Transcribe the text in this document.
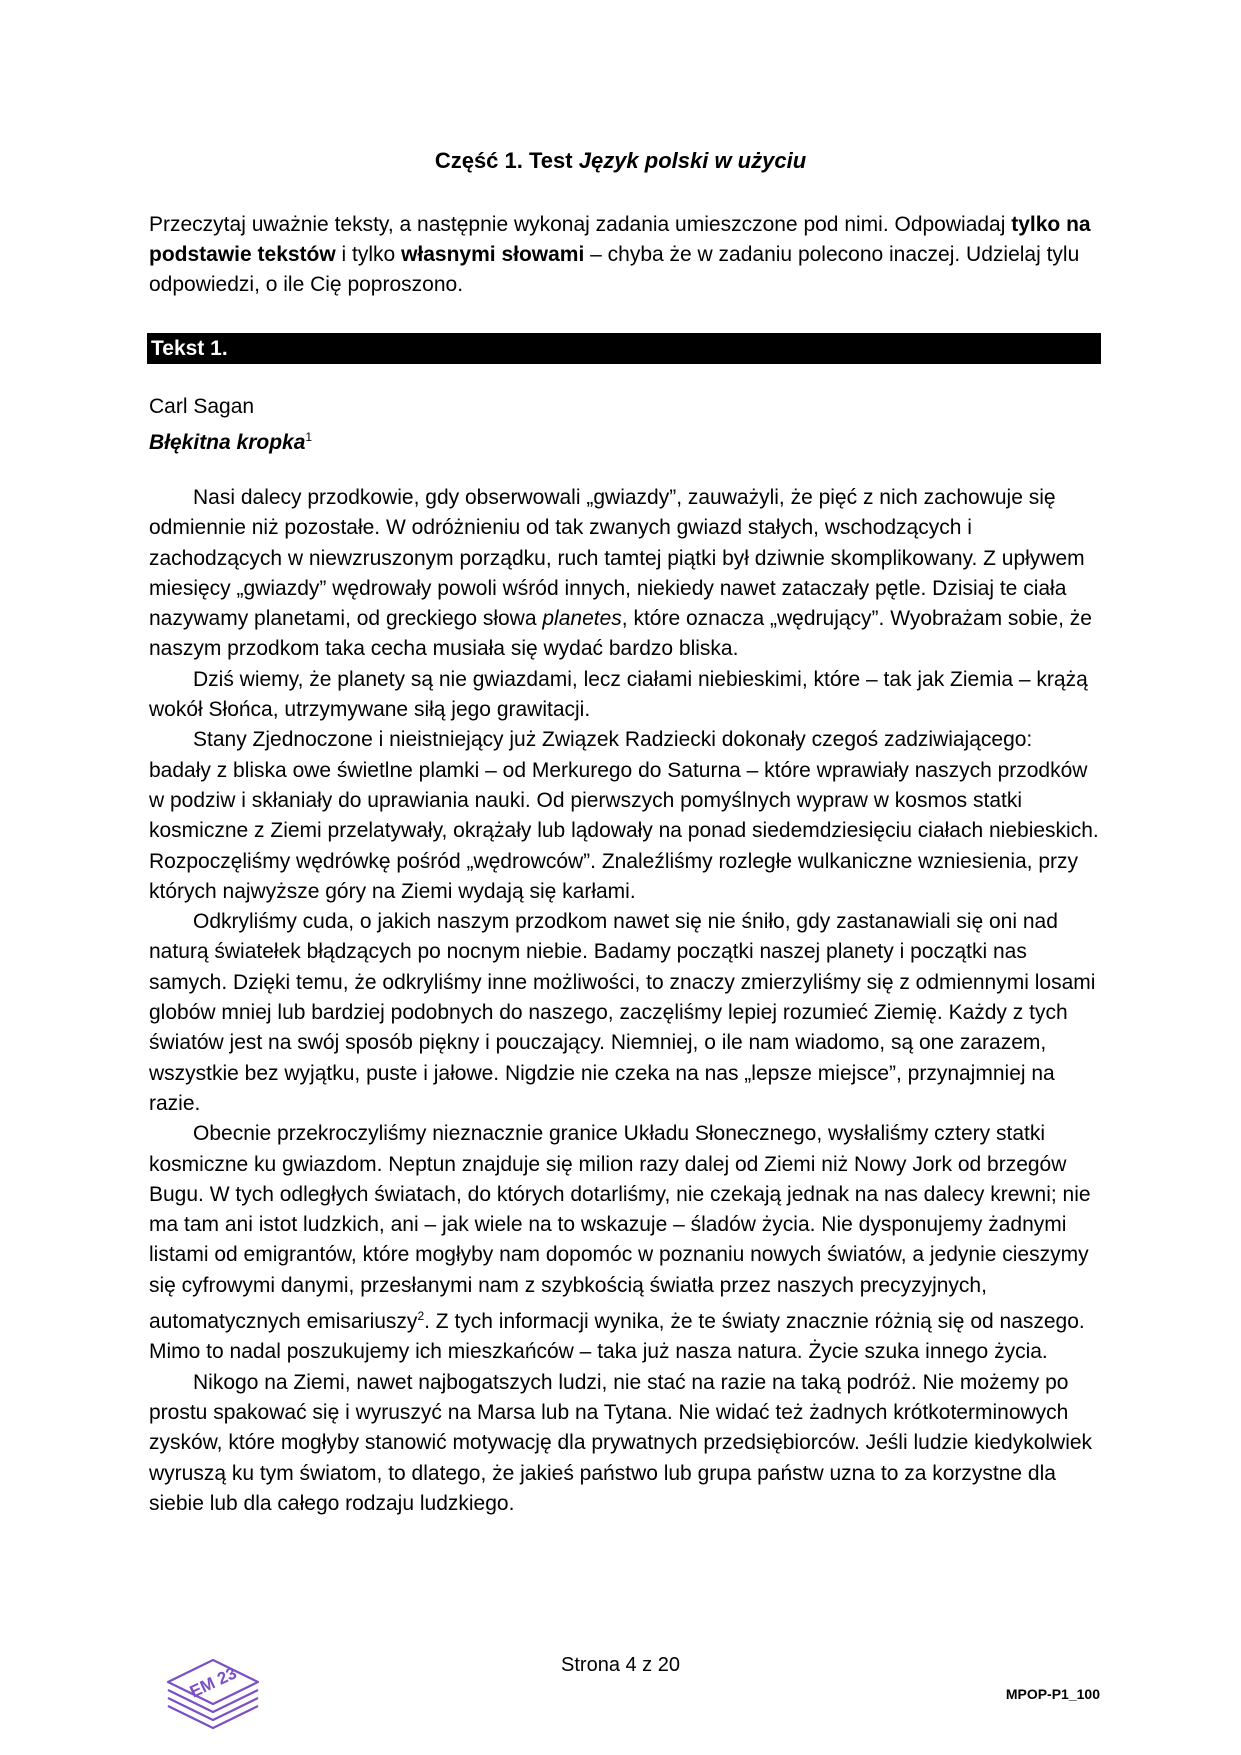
Część 1. Test Język polski w użyciu
Przeczytaj uważnie teksty, a następnie wykonaj zadania umieszczone pod nimi. Odpowiadaj tylko na podstawie tekstów i tylko własnymi słowami – chyba że w zadaniu polecono inaczej. Udzielaj tylu odpowiedzi, o ile Cię poproszono.
Tekst 1.
Carl Sagan
Błękitna kropka$^1$

Nasi dalecy przodkowie, gdy obserwowali „gwiazdy”, zauważyli, że pięć z nich zachowuje się odmiennie niż pozostałe. W odróżnieniu od tak zwanych gwiazd stałych, wschodzących i zachodzących w niewzruszonym porządku, ruch tamtej piątki był dziwnie skomplikowany. Z upływem miesięcy „gwiazdy” wędrowały powoli wśród innych, niekiedy nawet zataczały pętle. Dzisiaj te ciała nazywamy planetami, od greckiego słowa planetes, które oznacza „wędrujący”. Wyobrażam sobie, że naszym przodkom taka cecha musiała się wydać bardzo bliska.

Dziś wiemy, że planety są nie gwiazdami, lecz ciałami niebieskimi, które – tak jak Ziemia – krążą wokół Słońca, utrzymywane siłą jego grawitacji.

Stany Zjednoczone i nieistniejący już Związek Radziecki dokonały czegoś zadziwiającego: badały z bliska owe świetlne plamki – od Merkurego do Saturna – które wprawiały naszych przodków w podziw i skłaniały do uprawiania nauki. Od pierwszych pomyślnych wypraw w kosmos statki kosmiczne z Ziemi przelatywały, okrążały lub lądowały na ponad siedemdziesięciu ciałach niebieskich. Rozpoczęliśmy wędrówkę pośród „wędrowców”. Znaleźliśmy rozległe wulkaniczne wzniesienia, przy których najwyższe góry na Ziemi wydają się karłami.

Odkryliśmy cuda, o jakich naszym przodkom nawet się nie śniło, gdy zastanawiali się oni nad naturą światełek błądzących po nocnym niebie. Badamy początki naszej planety i początki nas samych. Dzięki temu, że odkryliśmy inne możliwości, to znaczy zmierzyliśmy się z odmiennymi losami globów mniej lub bardziej podobnych do naszego, zaczęliśmy lepiej rozumieć Ziemię. Każdy z tych światów jest na swój sposób piękny i pouczający. Niemniej, o ile nam wiadomo, są one zarazem, wszystkie bez wyjątku, puste i jałowe. Nigdzie nie czeka na nas „lepsze miejsce”, przynajmniej na razie.

Obecnie przekroczyliśmy nieznacznie granice Układu Słonecznego, wysłaliśmy cztery statki kosmiczne ku gwiazdom. Neptun znajduje się milion razy dalej od Ziemi niż Nowy Jork od brzegów Bugu. W tych odległych światach, do których dotarliśmy, nie czekają jednak na nas dalecy krewni; nie ma tam ani istot ludzkich, ani – jak wiele na to wskazuje – śladów życia. Nie dysponujemy żadnymi listami od emigrantów, które mogłyby nam dopomóc w poznaniu nowych światów, a jedynie cieszymy się cyfrowymi danymi, przesłanymi nam z szybkością światła przez naszych precyzyjnych, automatycznych emisariuszy$^2$. Z tych informacji wynika, że te światy znacznie różnią się od naszego. Mimo to nadal poszukujemy ich mieszkańców – taka już nasza natura. Życie szuka innego życia.

Nikogo na Ziemi, nawet najbogatszych ludzi, nie stać na razie na taką podróż. Nie możemy po prostu spakować się i wyruszyć na Marsa lub na Tytana. Nie widać też żadnych krótkoterminowych zysków, które mogłyby stanowić motywację dla prywatnych przedsiębiorców. Jeśli ludzie kiedykolwiek wyruszą ku tym światom, to dlatego, że jakieś państwo lub grupa państw uzna to za korzystne dla siebie lub dla całego rodzaju ludzkiego.

EM 23	Strona 4 z 20
MPOP-P1_100
